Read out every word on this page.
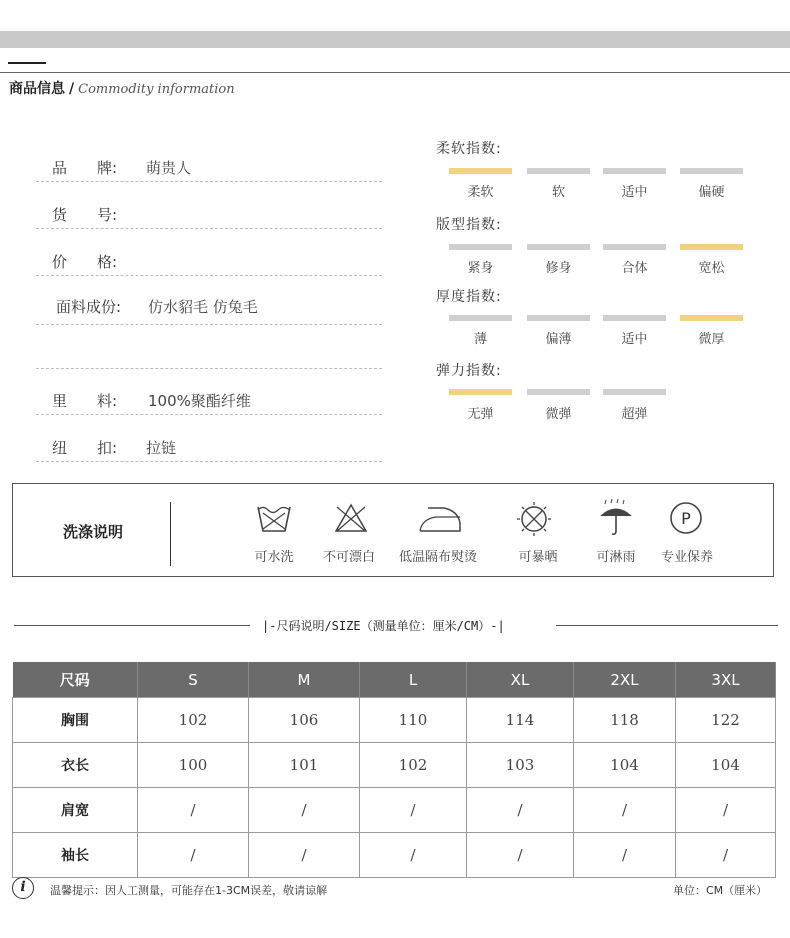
商品信息 / Commodity information
品　　牌: 萌贵人
货　　号:
价　　格:
面料成份: 仿水貂毛 仿兔毛
里　　料: 100%聚酯纤维
纽　　扣: 拉链
柔软指数:
柔软	软	适中	偏硬
版型指数:
紧身	修身	合体	宽松
厚度指数:
薄	偏薄	适中	微厚
弹力指数:
无弹	微弹	超弹
洗涤说明
可水洗	不可漂白	低温隔布熨烫	可暴晒	可淋雨
P
专业保养
|-尺码说明/SIZE（测量单位：厘米/CM）-|
尺码	S	M	L	XL	2XL	3XL
胸围	102	106	110	114	118	122
衣长	100	101	102	103	104	104
肩宽	/	/	/	/	/	/
袖长	/	/	/	/	/	/
i	温馨提示：因人工测量，可能存在1-3CM误差，敬请谅解	单位：CM（厘米）
